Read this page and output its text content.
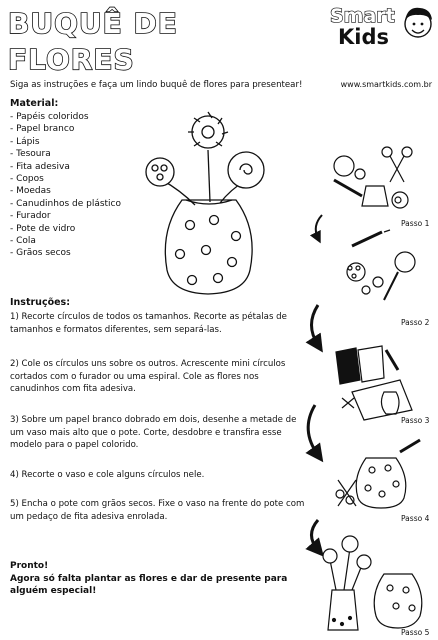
BUQUÊ DE FLORES
Smart
Kids
Siga as instruções e faça um lindo buquê de flores para presentear!	www.smartkids.com.br
Material:
- Papéis coloridos
- Papel branco
- Lápis
- Tesoura
- Fita adesiva
- Copos
- Moedas
- Canudinhos de plástico
- Furador
- Pote de vidro
- Cola
- Grãos secos
Instruções:

1) Recorte círculos de todos os tamanhos. Recorte as pétalas de tamanhos e formatos diferentes, sem separá-las.

2) Cole os círculos uns sobre os outros. Acrescente mini círculos cortados com o furador ou uma espiral. Cole as flores nos canudinhos com fita adesiva.

3) Sobre um papel branco dobrado em dois, desenhe a metade de um vaso mais alto que o pote. Corte, desdobre e transfira esse modelo para o papel colorido.

4) Recorte o vaso e cole alguns círculos nele.

5) Encha o pote com grãos secos. Fixe o vaso na frente do pote com um pedaço de fita adesiva enrolada.

Pronto!
Agora só falta plantar as flores e dar de presente para alguém especial!
Passo 1
Passo 2
Passo 3
Passo 4
Passo 5
